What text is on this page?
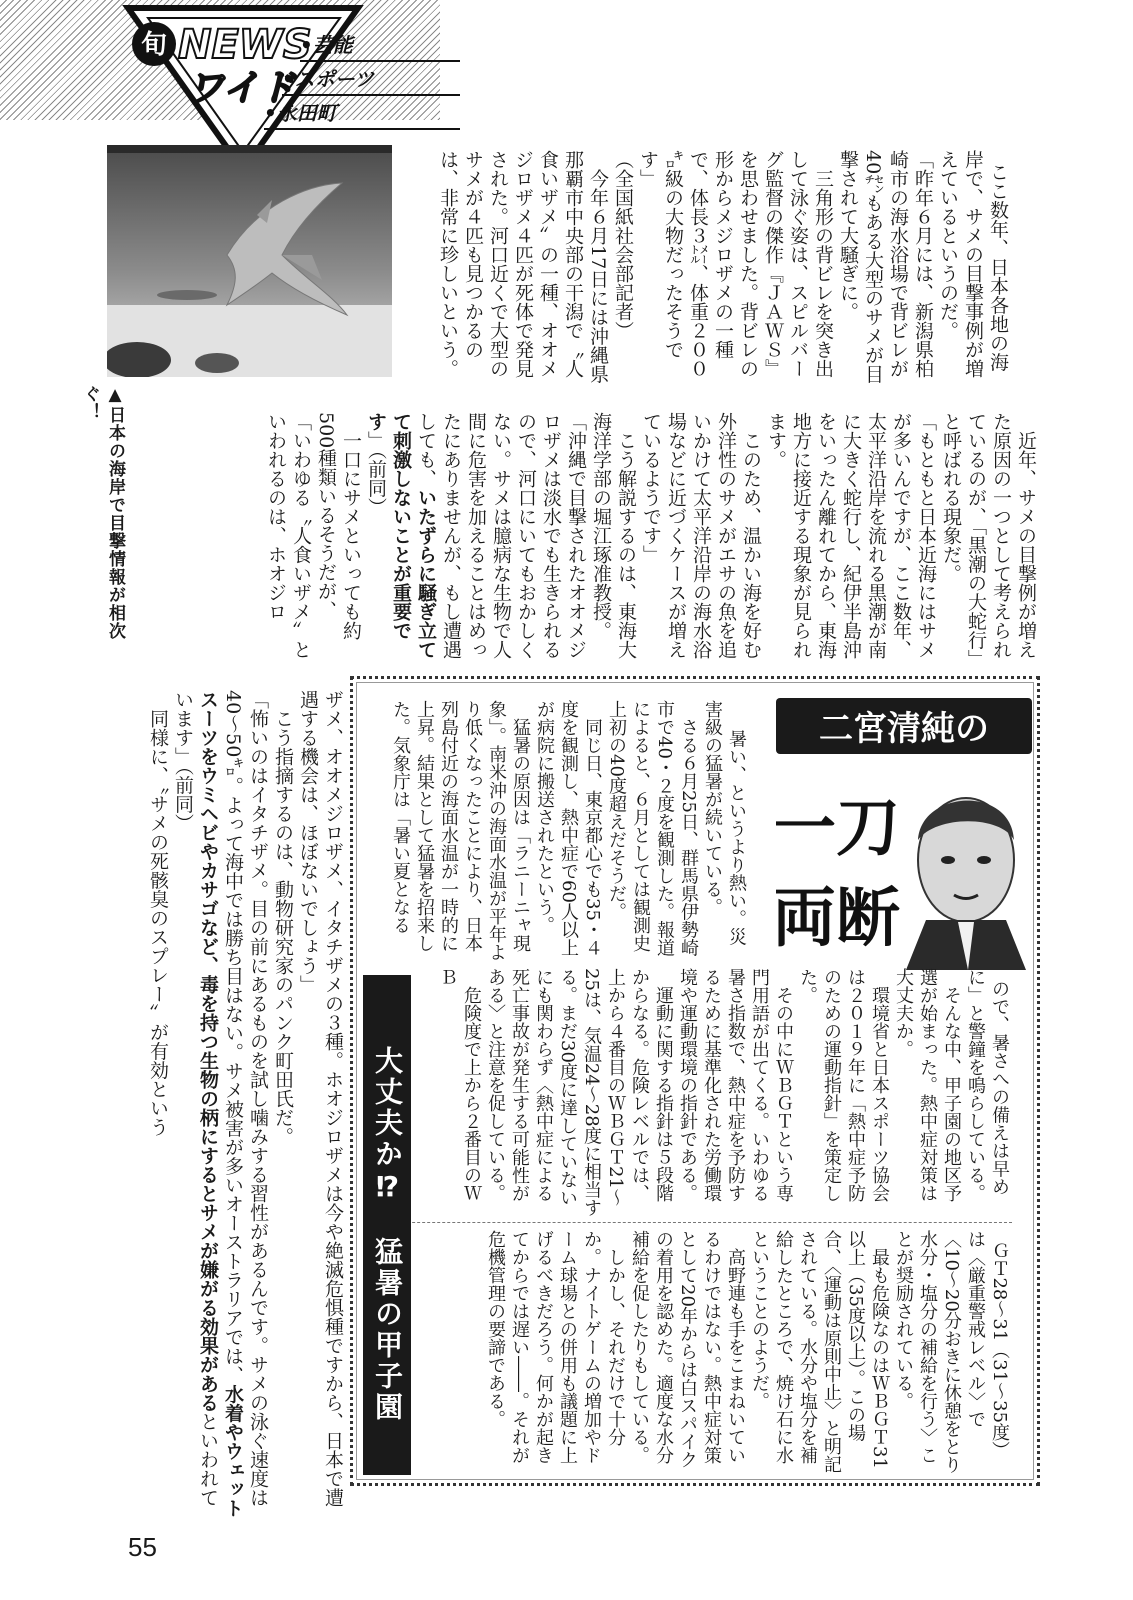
旬 NEWS
ワイド
•芸能
•スポーツ
•永田町
▲日本の海岸で目撃情報が相次ぐ！

ここ数年、日本各地の海岸で、サメの目撃事例が増えているというのだ。
「昨年６月には、新潟県柏崎市の海水浴場で背ビレが40㌢もある大型のサメが目撃されて大騒ぎに。
　三角形の背ビレを突き出して泳ぐ姿は、スピルバーグ監督の傑作『ＪＡＷＳ』を思わせました。背ビレの形からメジロザメの一種で、体長３㍍、体重２００㌔級の大物だったそうです」
（全国紙社会部記者）
　今年６月17日には沖縄県那覇市中央部の干潟で〝人食いザメ〟の一種、オオメジロザメ４匹が死体で発見された。河口近くで大型のサメが４匹も見つかるのは、非常に珍しいという。

　近年、サメの目撃例が増えた原因の一つとして考えられているのが、「黒潮の大蛇行」と呼ばれる現象だ。
「もともと日本近海にはサメが多いんですが、ここ数年、太平洋沿岸を流れる黒潮が南に大きく蛇行し、紀伊半島沖をいったん離れてから、東海地方に接近する現象が見られます。
　このため、温かい海を好む外洋性のサメがエサの魚を追いかけて太平洋沿岸の海水浴場などに近づくケースが増えているようです」
　こう解説するのは、東海大海洋学部の堀江琢准教授。
「沖縄で目撃されたオオメジロザメは淡水でも生きられるので、河口にいてもおかしくない。サメは臆病な生物で人間に危害を加えることはめったにありませんが、もし遭遇しても、いたずらに騒ぎ立てて刺激しないことが重要です」（前同）
　一口にサメといっても約500種類いるそうだが、
「いわゆる〝人食いザメ〟といわれるのは、ホオジロ
ザメ、オオメジロザメ、イタチザメの３種。ホオジロザメは今や絶滅危惧種ですから、日本で遭遇する機会は、ほぼないでしょう」
　こう指摘するのは、動物研究家のパンク町田氏だ。
「怖いのはイタチザメ。目の前にあるものを試し噛みする習性があるんです。サメの泳ぐ速度は40〜50㌔。よって海中では勝ち目はない。サメ被害が多いオーストラリアでは、水着やウェットスーツをウミヘビやカサゴなど、毒を持つ生物の柄にするとサメが嫌がる効果があるといわれています」（前同）
　同様に、〝サメの死骸臭のスプレー〟が有効という	二宮清純の
一刀
両断

　暑い、というより熱い。災害級の猛暑が続いている。
　さる６月25日、群馬県伊勢崎市で40・２度を観測した。報道によると、６月としては観測史上初の40度超えだそうだ。
　同じ日、東京都心でも35・４度を観測し、熱中症で60人以上が病院に搬送されたという。
　猛暑の原因は「ラニーニャ現象」。南米沖の海面水温が平年より低くなったことにより、日本列島付近の海面水温が一時的に上昇。結果として猛暑を招来した。気象庁は「暑い夏となる

ので、暑さへの備えは早めに」と警鐘を鳴らしている。
　そんな中、甲子園の地区予選が始まった。熱中症対策は大丈夫か。
　環境省と日本スポーツ協会は２０１９年に「熱中症予防のための運動指針」を策定した。
　その中にＷＢＧＴという専門用語が出てくる。いわゆる暑さ指数で、熱中症を予防するために基準化された労働環境や運動環境の指針である。
　運動に関する指針は５段階からなる。危険レベルでは、上から４番目のＷＢＧＴ21〜25は、気温24〜28度に相当する。まだ30度に達していないにも関わらず〈熱中症による死亡事故が発生する可能性がある〉と注意を促している。
　危険度で上から２番目のＷＢ

ＧＴ28〜31（31〜35度）は〈厳重警戒レベル〉で〈10〜20分おきに休憩をとり水分・塩分の補給を行う〉ことが奨励されている。
　最も危険なのはＷＢＧＴ31以上（35度以上）。この場合、〈運動は原則中止〉と明記されている。水分や塩分を補給したところで、焼け石に水ということのようだ。
　高野連も手をこまねいているわけではない。熱中症対策として20年からは白スパイクの着用を認めた。適度な水分補給を促したりもしている。
　しかし、それだけで十分か。ナイトゲームの増加やドーム球場との併用も議題に上げるべきだろう。何かが起きてからでは遅い――。それが危機管理の要諦である。

大丈夫か⁉　猛暑の甲子園
55
